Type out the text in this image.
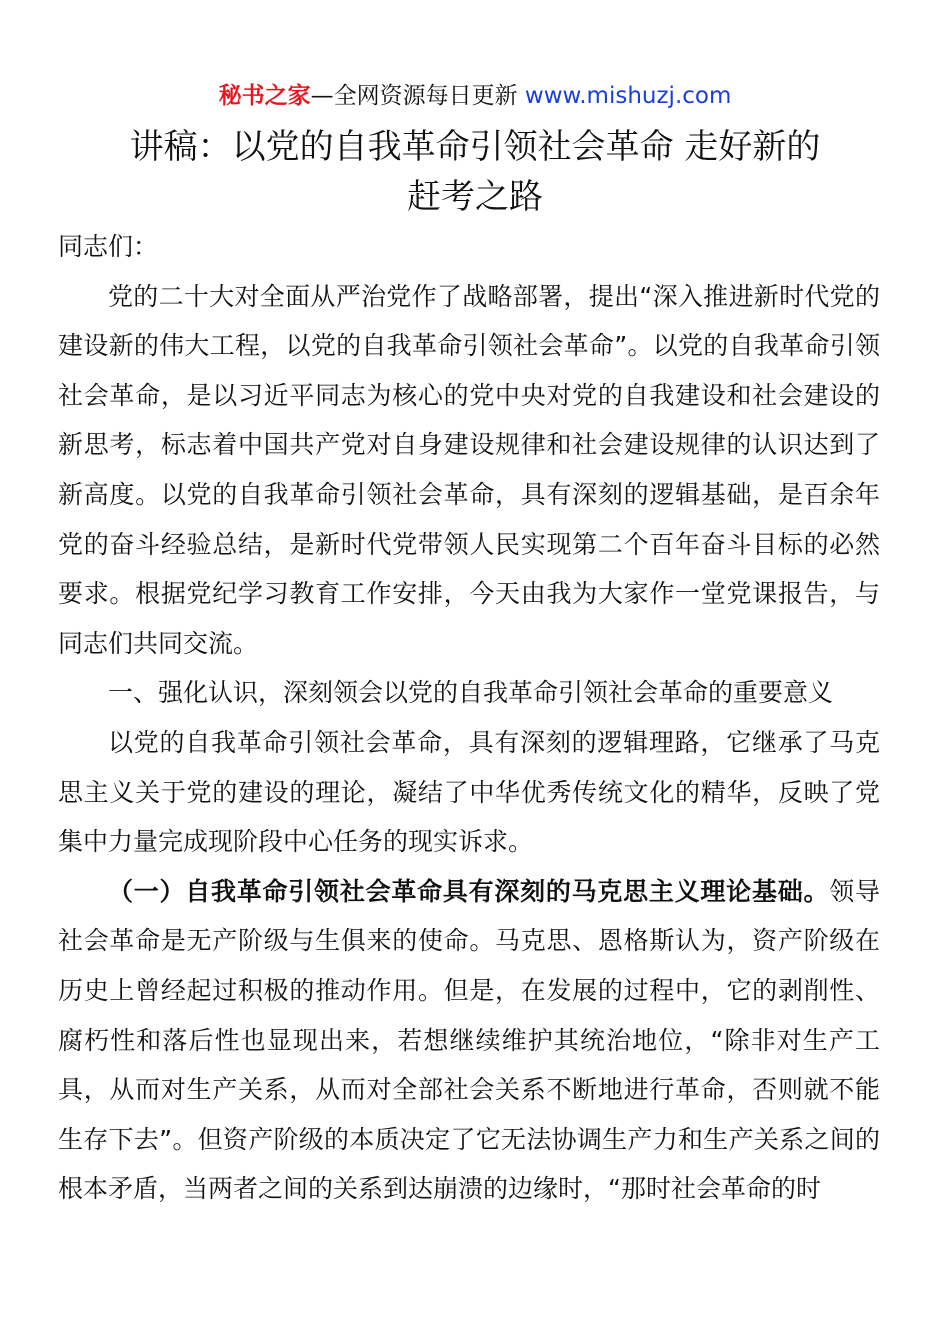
秘书之家—全网资源每日更新 www.mishuzj.com
讲稿：以党的自我革命引领社会革命 走好新的
赶考之路

同志们：

党的二十大对全面从严治党作了战略部署，提出“深入推进新时代党的建设新的伟大工程，以党的自我革命引领社会革命”。以党的自我革命引领社会革命，是以习近平同志为核心的党中央对党的自我建设和社会建设的新思考，标志着中国共产党对自身建设规律和社会建设规律的认识达到了新高度。以党的自我革命引领社会革命，具有深刻的逻辑基础，是百余年党的奋斗经验总结，是新时代党带领人民实现第二个百年奋斗目标的必然要求。根据党纪学习教育工作安排，今天由我为大家作一堂党课报告，与同志们共同交流。

一、强化认识，深刻领会以党的自我革命引领社会革命的重要意义

以党的自我革命引领社会革命，具有深刻的逻辑理路，它继承了马克思主义关于党的建设的理论，凝结了中华优秀传统文化的精华，反映了党集中力量完成现阶段中心任务的现实诉求。

（一）自我革命引领社会革命具有深刻的马克思主义理论基础。领导社会革命是无产阶级与生俱来的使命。马克思、恩格斯认为，资产阶级在历史上曾经起过积极的推动作用。但是，在发展的过程中，它的剥削性、腐朽性和落后性也显现出来，若想继续维护其统治地位，“除非对生产工具，从而对生产关系，从而对全部社会关系不断地进行革命，否则就不能生存下去”。但资产阶级的本质决定了它无法协调生产力和生产关系之间的根本矛盾，当两者之间的关系到达崩溃的边缘时，“那时社会革命的时
